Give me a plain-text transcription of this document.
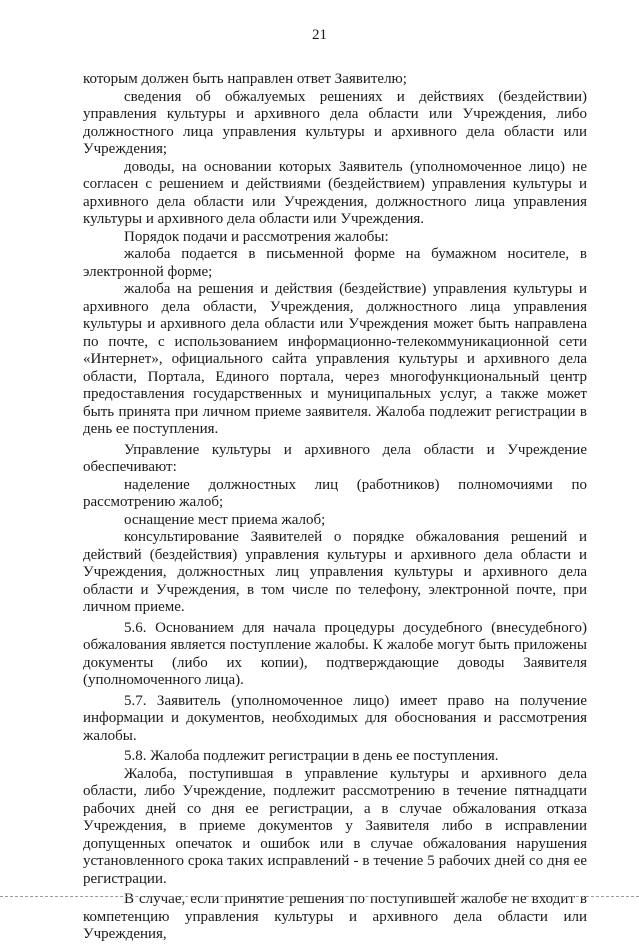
21

которым должен быть направлен ответ Заявителю;

сведения об обжалуемых решениях и действиях (бездействии) управления культуры и архивного дела области или Учреждения, либо должностного лица управления культуры и архивного дела области или Учреждения;

доводы, на основании которых Заявитель (уполномоченное лицо) не согласен с решением и действиями (бездействием) управления культуры и архивного дела области или Учреждения, должностного лица управления культуры и архивного дела области или Учреждения.

Порядок подачи и рассмотрения жалобы:

жалоба подается в письменной форме на бумажном носителе, в электронной форме;

жалоба на решения и действия (бездействие) управления культуры и архивного дела области, Учреждения, должностного лица управления культуры и архивного дела области или Учреждения может быть направлена по почте, с использованием информационно-телекоммуникационной сети «Интернет», официального сайта управления культуры и архивного дела области, Портала, Единого портала, через многофункциональный центр предоставления государственных и муниципальных услуг, а также может быть принята при личном приеме заявителя. Жалоба подлежит регистрации в день ее поступления.

Управление культуры и архивного дела области и Учреждение обеспечивают:

наделение должностных лиц (работников) полномочиями по рассмотрению жалоб;

оснащение мест приема жалоб;

консультирование Заявителей о порядке обжалования решений и действий (бездействия) управления культуры и архивного дела области и Учреждения, должностных лиц управления культуры и архивного дела области и Учреждения, в том числе по телефону, электронной почте, при личном приеме.

5.6. Основанием для начала процедуры досудебного (внесудебного) обжалования является поступление жалобы. К жалобе могут быть приложены документы (либо их копии), подтверждающие доводы Заявителя (уполномоченного лица).

5.7. Заявитель (уполномоченное лицо) имеет право на получение информации и документов, необходимых для обоснования и рассмотрения жалобы.

5.8. Жалоба подлежит регистрации в день ее поступления.

Жалоба, поступившая в управление культуры и архивного дела области, либо Учреждение, подлежит рассмотрению в течение пятнадцати рабочих дней со дня ее регистрации, а в случае обжалования отказа Учреждения, в приеме документов у Заявителя либо в исправлении допущенных опечаток и ошибок или в случае обжалования нарушения установленного срока таких исправлений - в течение 5 рабочих дней со дня ее регистрации.

В случае, если принятие решения по поступившей жалобе не входит в компетенцию управления культуры и архивного дела области или Учреждения,
